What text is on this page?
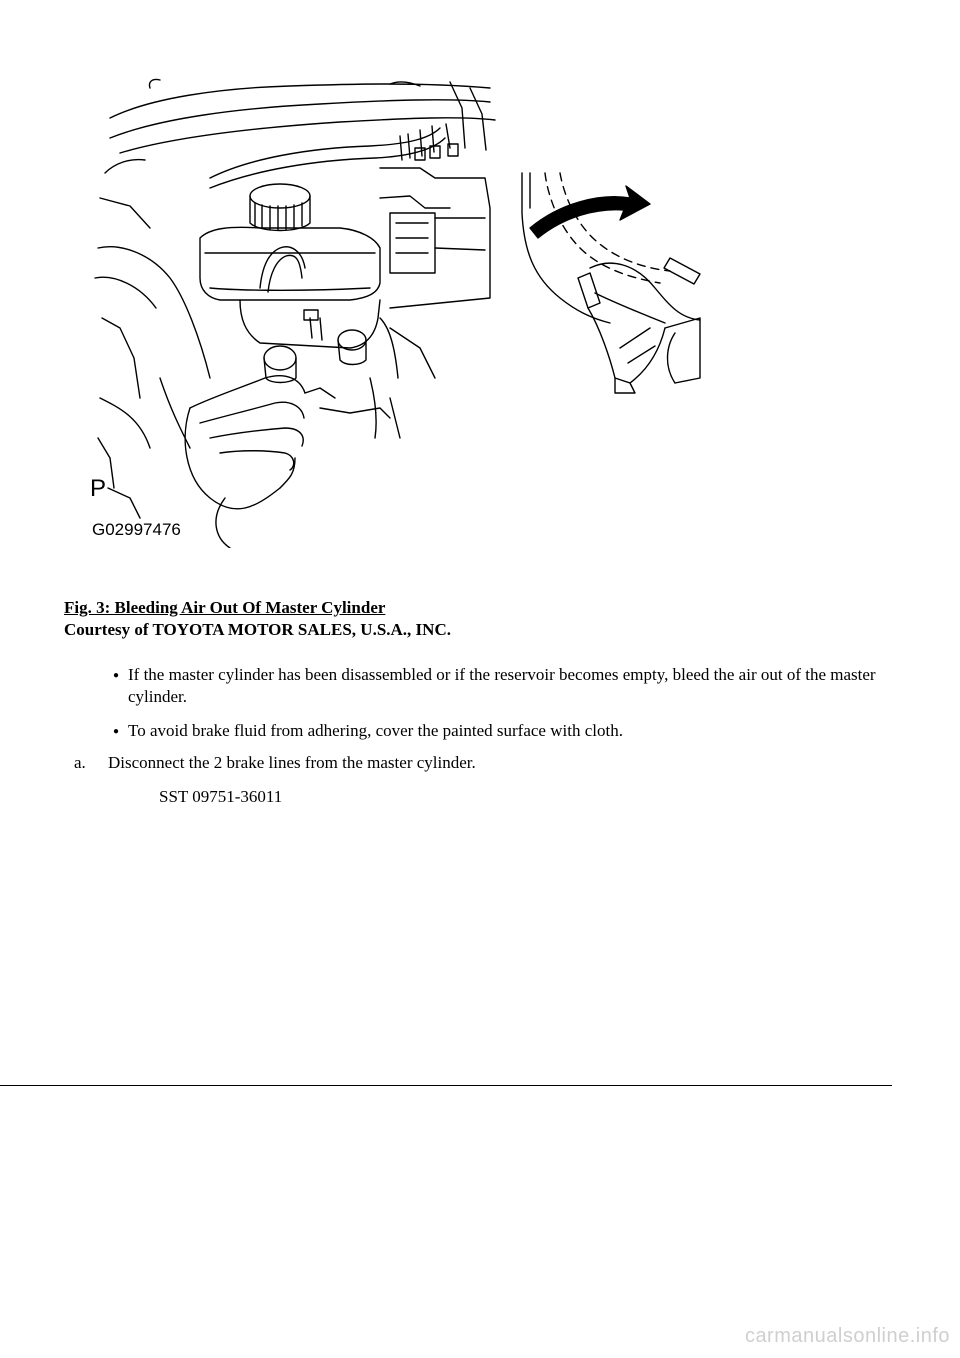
P
G02997476
Fig. 3: Bleeding Air Out Of Master Cylinder
Courtesy of TOYOTA MOTOR SALES, U.S.A., INC.
● If the master cylinder has been disassembled or if the reservoir becomes empty, bleed the air out of the master cylinder.
● To avoid brake fluid from adhering, cover the painted surface with cloth.
a. Disconnect the 2 brake lines from the master cylinder.
SST 09751-36011
carmanualsonline.info
